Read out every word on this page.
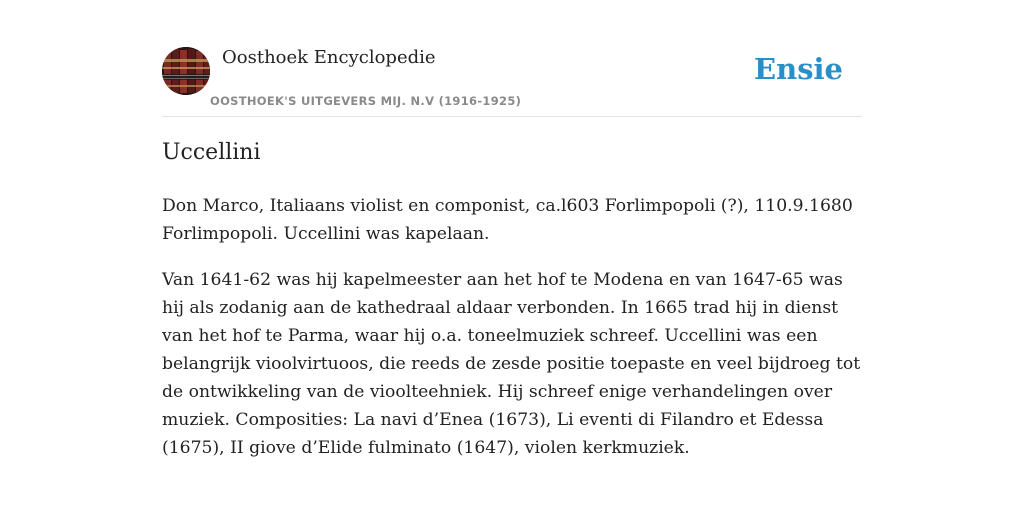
Oosthoek Encyclopedie
OOSTHOEK'S UITGEVERS MIJ. N.V (1916-1925)
Ensie
Uccellini

Don Marco, Italiaans violist en componist, ca.l603 Forlimpopoli (?), 110.9.1680 Forlimpopoli. Uccellini was kapelaan.

Van 1641-62 was hij kapelmeester aan het hof te Modena en van 1647-65 was hij als zodanig aan de kathedraal aldaar verbonden. In 1665 trad hij in dienst van het hof te Parma, waar hij o.a. toneelmuziek schreef. Uccellini was een belangrijk vioolvirtuoos, die reeds de zesde positie toepaste en veel bijdroeg tot de ontwikkeling van de vioolteehniek. Hij schreef enige verhandelingen over muziek. Composities: La navi d’Enea (1673), Li eventi di Filandro et Edessa (1675), II giove d’Elide fulminato (1647), violen kerkmuziek.
